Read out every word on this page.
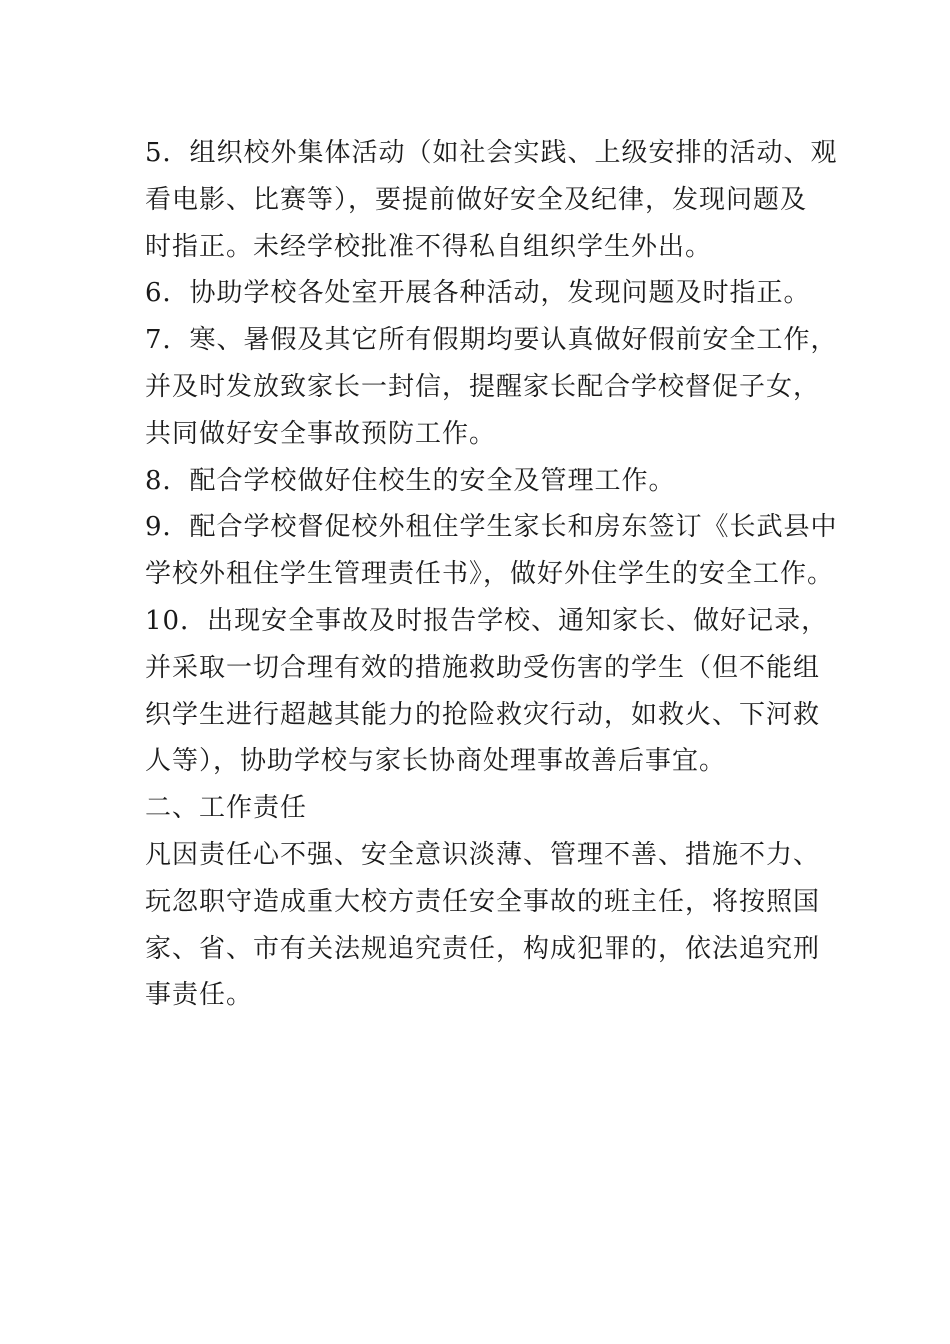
5．组织校外集体活动（如社会实践、上级安排的活动、观
看电影、比赛等），要提前做好安全及纪律，发现问题及
时指正。未经学校批准不得私自组织学生外出。
6．协助学校各处室开展各种活动，发现问题及时指正。
7．寒、暑假及其它所有假期均要认真做好假前安全工作，
并及时发放致家长一封信，提醒家长配合学校督促子女，
共同做好安全事故预防工作。
8．配合学校做好住校生的安全及管理工作。
9．配合学校督促校外租住学生家长和房东签订《长武县中
学校外租住学生管理责任书》，做好外住学生的安全工作。
10．出现安全事故及时报告学校、通知家长、做好记录，
并采取一切合理有效的措施救助受伤害的学生（但不能组
织学生进行超越其能力的抢险救灾行动，如救火、下河救
人等），协助学校与家长协商处理事故善后事宜。
二、工作责任
凡因责任心不强、安全意识淡薄、管理不善、措施不力、
玩忽职守造成重大校方责任安全事故的班主任，将按照国
家、省、市有关法规追究责任，构成犯罪的，依法追究刑
事责任。
